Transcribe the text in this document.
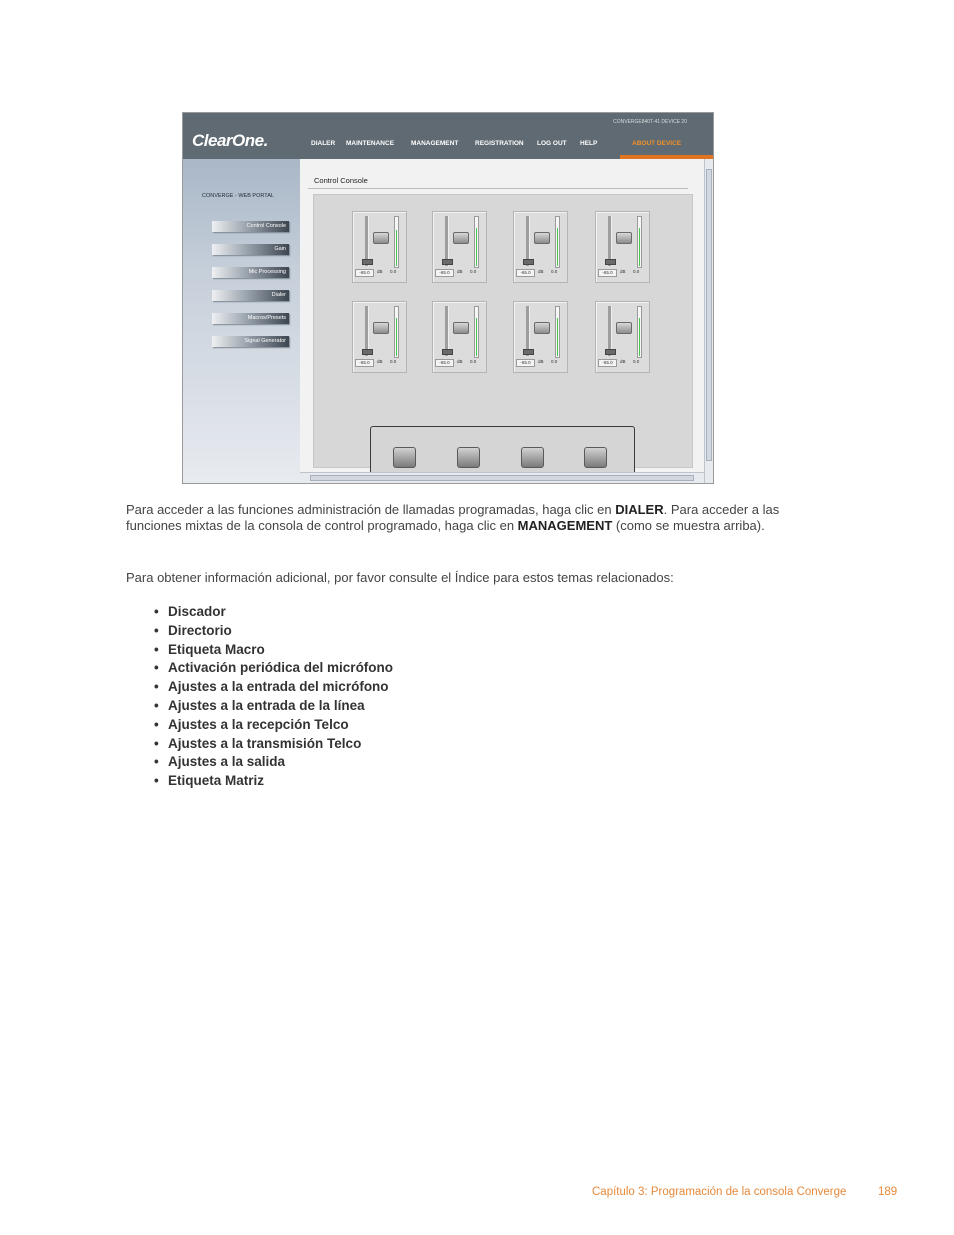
ClearOne.
CONVERGE840T-41 DEVICE 20
DIALER MAINTENANCE	MANAGEMENT	REGISTRATION LOG OUT HELP	ABOUT DEVICE
CONVERGE - WEB PORTAL
Control Console
Gain
Mic Processing
Dialer
Macros/Presets
Signal Generator
Control Console
-65.0	dB 0.0	-65.0	dB 0.0	-65.0	dB 0.0	-65.0	dB 0.0
-65.0	dB 0.0	-65.0	dB 0.0	-65.0	dB 0.0	-65.0	dB 0.0
Para acceder a las funciones administración de llamadas programadas, haga clic en DIALER. Para acceder a las funciones mixtas de la consola de control programado, haga clic en MANAGEMENT (como se muestra arriba).
Para obtener información adicional, por favor consulte el Índice para estos temas relacionados:
• Discador
• Directorio
• Etiqueta Macro
• Activación periódica del micrófono
• Ajustes a la entrada del micrófono
• Ajustes a la entrada de la línea
• Ajustes a la recepción Telco
• Ajustes a la transmisión Telco
• Ajustes a la salida
• Etiqueta Matriz
Capítulo 3: Programación de la consola Converge	189
